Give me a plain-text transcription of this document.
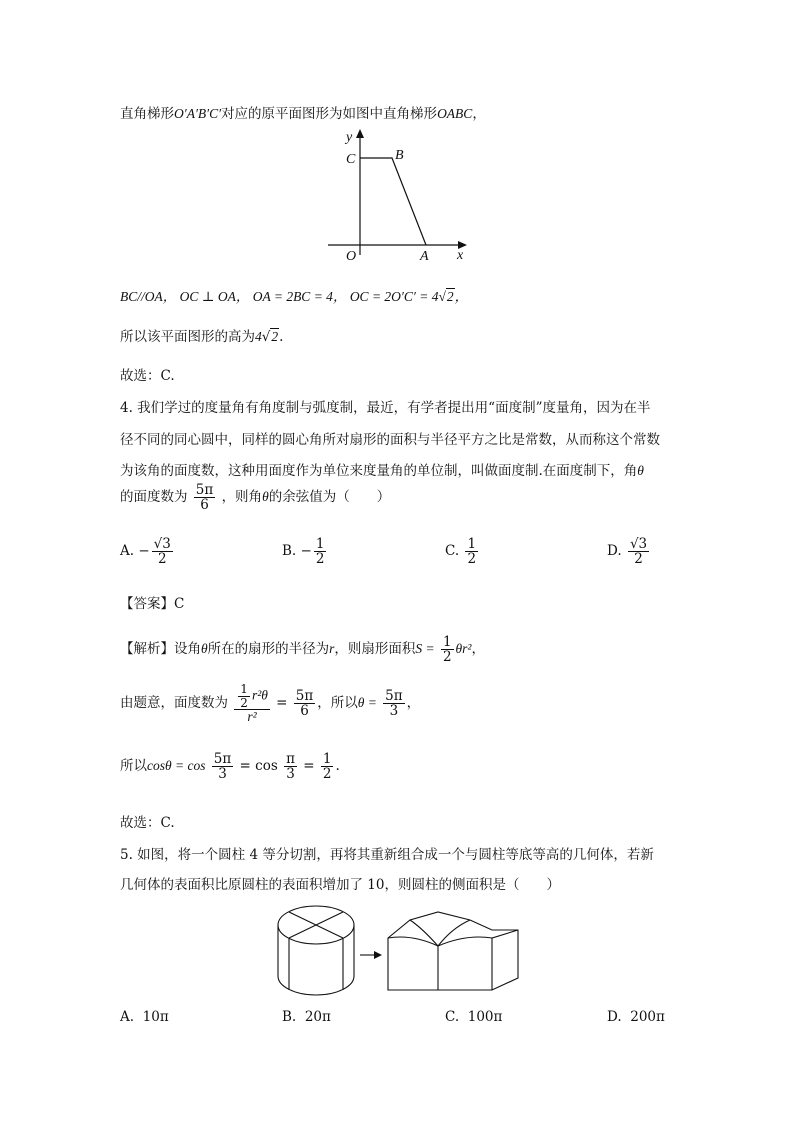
直角梯形O′A′B′C′对应的原平面图形为如图中直角梯形OABC，
y
x
O	A
B
C
BC//OA， OC ⊥ OA， OA = 2BC = 4， OC = 2O′C′ = 4√2，
所以该平面图形的高为4√2.
故选：C.
4. 我们学过的度量角有角度制与弧度制，最近，有学者提出用“面度制”度量角，因为在半
径不同的同心圆中，同样的圆心角所对扇形的面积与半径平方之比是常数，从而称这个常数
为该角的面度数，这种用面度作为单位来度量角的单位制，叫做面度制.在面度制下，角θ
的面度数为 $\frac{5\pi}{6}$ ，则角θ的余弦值为（　　）
A. − $\frac{√3}{2}$	B. − $\frac{1}{2}$	C. $\frac{1}{2}$	D. $\frac{√3}{2}$
【答案】C
【解析】设角θ所在的扇形的半径为r，则扇形面积$S = \frac{1}{2} \theta r^2$，
由题意，面度数为 $\frac{\frac{1}{2} r^2\theta}{\text{r²}} = \frac{5\pi}{6}$ ，所以$\theta = \frac{5\pi}{3}$ ，
所以$\cos\theta = \cos \frac{5\pi}{3} = \cos \frac{\pi}{3} = \frac{1}{2}$ .
故选：C.
5. 如图，将一个圆柱 4 等分切割，再将其重新组合成一个与圆柱等底等高的几何体，若新
几何体的表面积比原圆柱的表面积增加了 10，则圆柱的侧面积是（　　）
A. 10π	B. 20π	C. 100π	D. 200π
